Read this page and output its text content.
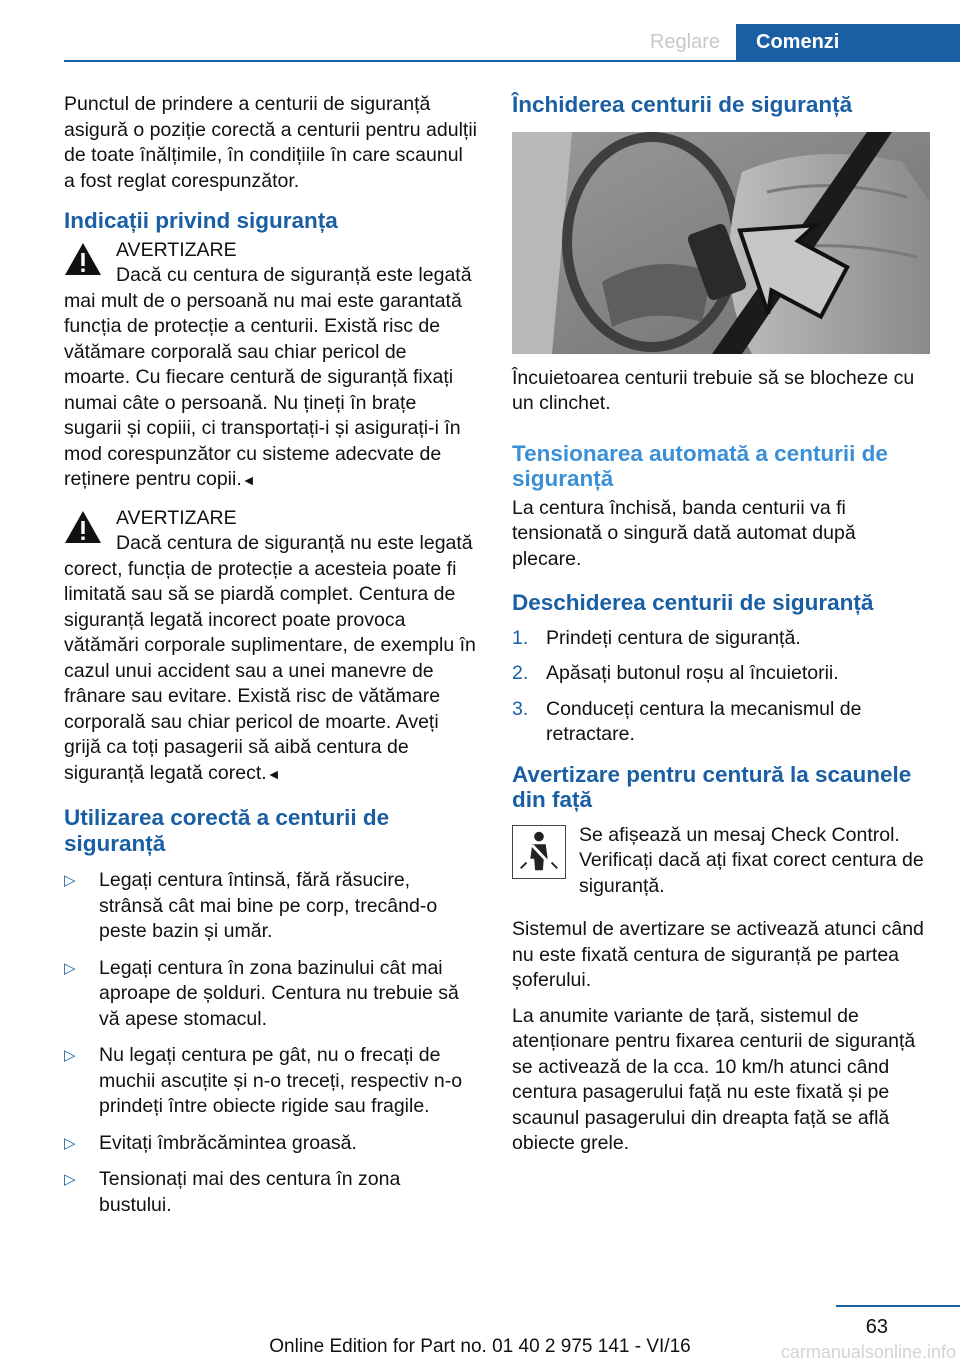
Reglare	Comenzi

Punctul de prindere a centurii de siguranță asigură o poziție corectă a centurii pentru adulții de toate înălțimile, în condițiile în care scaunul a fost reglat corespunzător.

Indicații privind siguranța
AVERTIZARE

Dacă cu centura de siguranță este legată

mai mult de o persoană nu mai este garantată funcția de protecție a centurii. Există risc de vătămare corporală sau chiar pericol de moarte. Cu fiecare centură de siguranță fixați numai câte o persoană. Nu țineți în brațe sugarii și copiii, ci transportați-i și asigurați-i în mod corespunzător cu sisteme adecvate de reținere pentru copii.◄

AVERTIZARE

Dacă centura de siguranță nu este legată

corect, funcția de protecție a acesteia poate fi limitată sau să se piardă complet. Centura de siguranță legată incorect poate provoca vătămări corporale suplimentare, de exemplu în cazul unui accident sau a unei manevre de frânare sau evitare. Există risc de vătămare corporală sau chiar pericol de moarte. Aveți grijă ca toți pasagerii să aibă centura de siguranță legată corect.◄

Utilizarea corectă a centurii de siguranță
▷ Legați centura întinsă, fără răsucire, strânsă cât mai bine pe corp, trecând-o peste bazin și umăr.
▷ Legați centura în zona bazinului cât mai aproape de șolduri. Centura nu trebuie să vă apese stomacul.
▷ Nu legați centura pe gât, nu o frecați de muchii ascuțite și n-o treceți, respectiv n-o prindeți între obiecte rigide sau fragile.
▷ Evitați îmbrăcămintea groasă.
▷ Tensionați mai des centura în zona bustului.
Închiderea centurii de siguranță

Încuietoarea centurii trebuie să se blocheze cu un clinchet.

Tensionarea automată a centurii de siguranță

La centura închisă, banda centurii va fi tensionată o singură dată automat după plecare.

Deschiderea centurii de siguranță
1. Prindeți centura de siguranță.
2. Apăsați butonul roșu al încuietorii.
3. Conduceți centura la mecanismul de retractare.
Avertizare pentru centură la scaunele din față

Se afișează un mesaj Check Control. Verificați dacă ați fixat corect centura de siguranță.

Sistemul de avertizare se activează atunci când nu este fixată centura de siguranță pe partea șoferului.

La anumite variante de țară, sistemul de atenționare pentru fixarea centurii de siguranță se activează de la cca. 10 km/h atunci când centura pasagerului față nu este fixată și pe scaunul pasagerului din dreapta față se află obiecte grele.

63
Online Edition for Part no. 01 40 2 975 141 - VI/16	carmanualsonline.info
